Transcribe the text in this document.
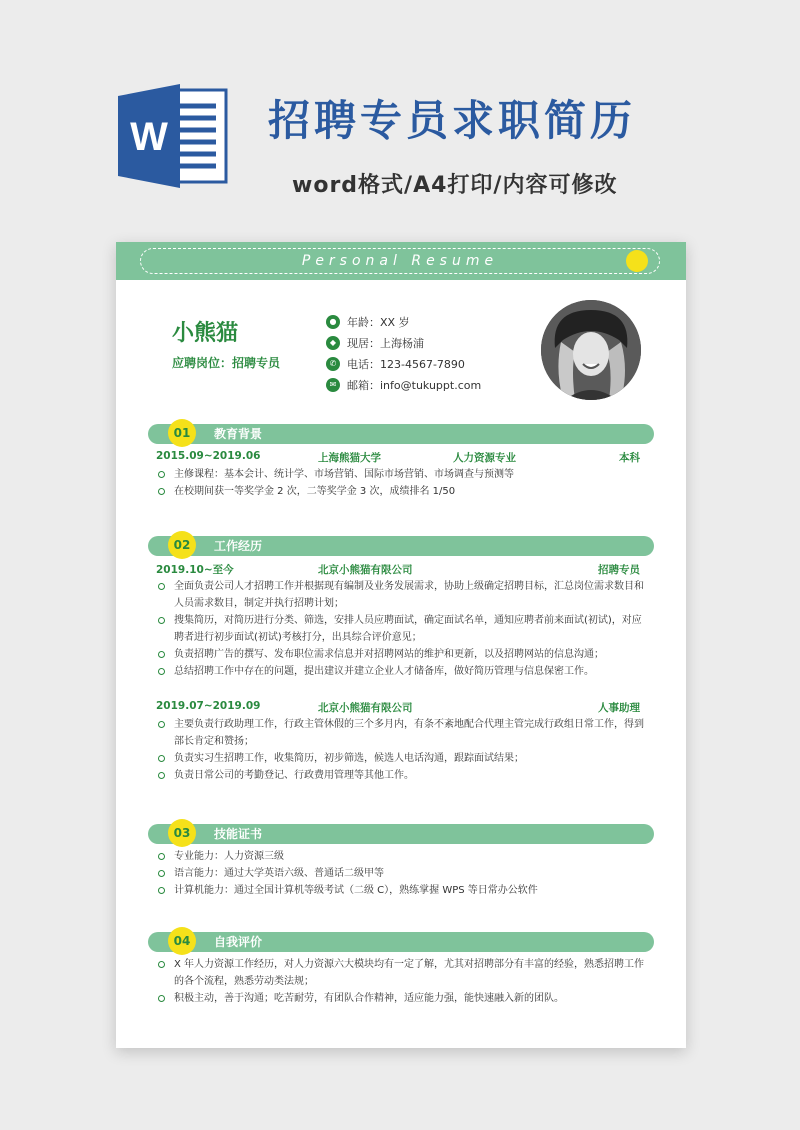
W 招聘专员求职简历
word格式/A4打印/内容可修改
Personal Resume
小熊猫
应聘岗位：招聘专员
● 年龄：XX 岁
◆ 现居：上海杨浦
✆ 电话：123-4567-7890
✉ 邮箱：info@tukuppt.com
01	教育背景
2015.09~2019.06	上海熊猫大学	人力资源专业	本科
主修课程：基本会计、统计学、市场营销、国际市场营销、市场调查与预测等
在校期间获一等奖学金 2 次，二等奖学金 3 次，成绩排名 1/50
02	工作经历
2019.10~至今	北京小熊猫有限公司	招聘专员
全面负责公司人才招聘工作并根据现有编制及业务发展需求，协助上级确定招聘目标，汇总岗位需求数目和人员需求数目，制定并执行招聘计划；
搜集简历，对简历进行分类、筛选，安排人员应聘面试，确定面试名单，通知应聘者前来面试(初试)，对应聘者进行初步面试(初试)考核打分，出具综合评价意见；
负责招聘广告的撰写、发布职位需求信息并对招聘网站的维护和更新，以及招聘网站的信息沟通；
总结招聘工作中存在的问题，提出建议并建立企业人才储备库，做好简历管理与信息保密工作。
2019.07~2019.09	北京小熊猫有限公司	人事助理
主要负责行政助理工作，行政主管休假的三个多月内，有条不紊地配合代理主管完成行政组日常工作，得到部长肯定和赞扬；
负责实习生招聘工作，收集简历，初步筛选，候选人电话沟通，跟踪面试结果；
负责日常公司的考勤登记、行政费用管理等其他工作。
03	技能证书
专业能力：人力资源三级
语言能力：通过大学英语六级、普通话二级甲等
计算机能力：通过全国计算机等级考试（二级 C），熟练掌握 WPS 等日常办公软件
04	自我评价
X 年人力资源工作经历，对人力资源六大模块均有一定了解，尤其对招聘部分有丰富的经验，熟悉招聘工作的各个流程，熟悉劳动类法规；
积极主动，善于沟通；吃苦耐劳，有团队合作精神，适应能力强，能快速融入新的团队。
